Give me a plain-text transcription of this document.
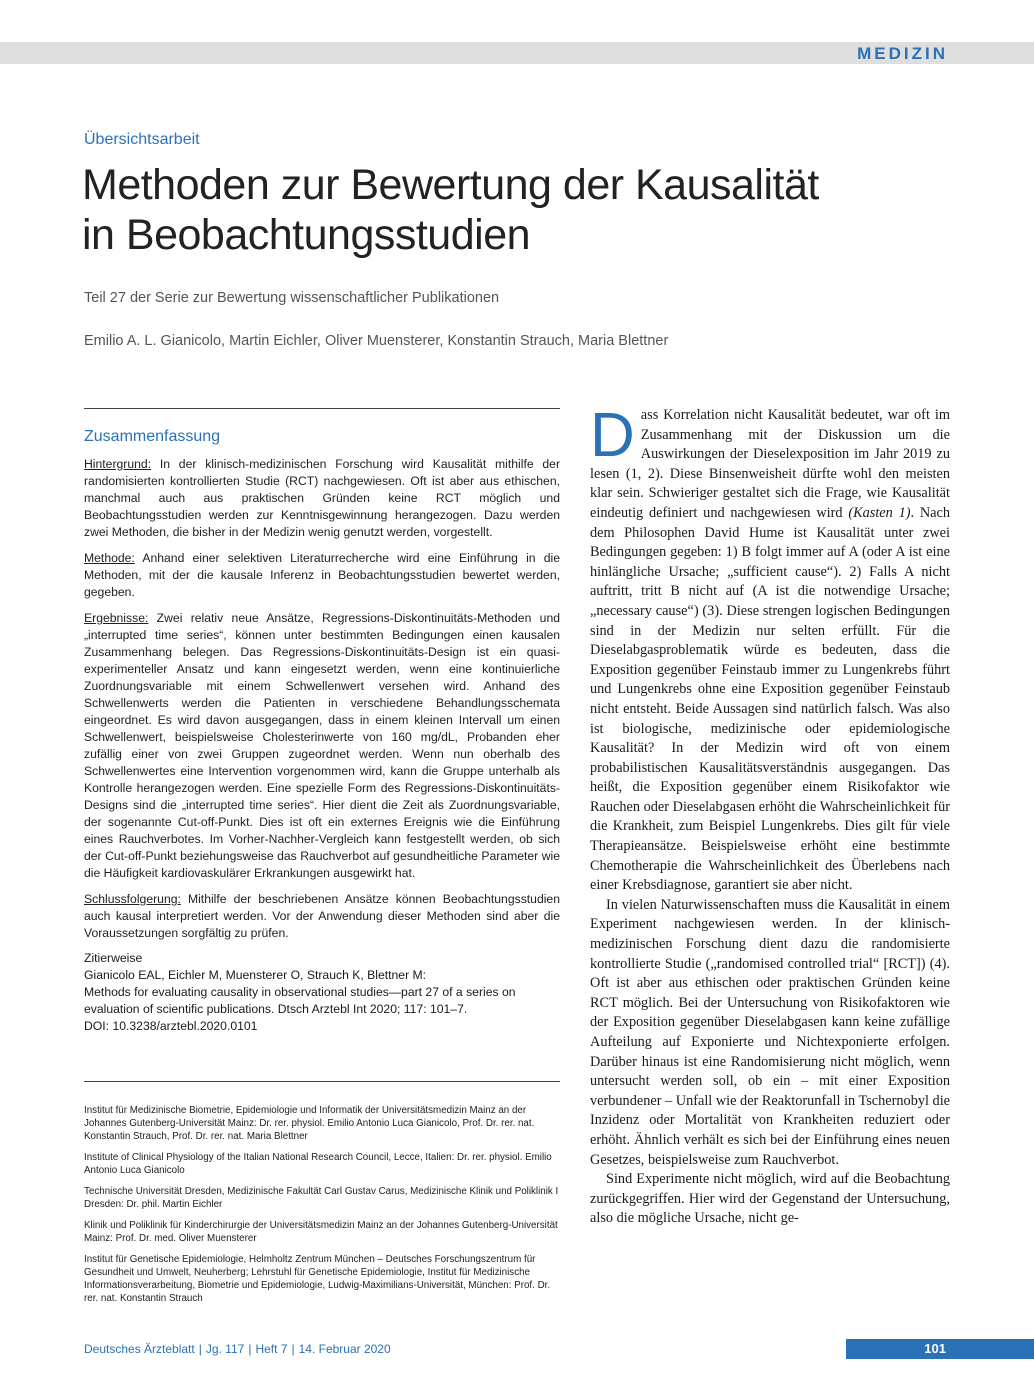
MEDIZIN
Übersichtsarbeit
Methoden zur Bewertung der Kausalität
in Beobachtungsstudien
Teil 27 der Serie zur Bewertung wissenschaftlicher Publikationen
Emilio A. L. Gianicolo, Martin Eichler, Oliver Muensterer, Konstantin Strauch, Maria Blettner
Zusammenfassung

Hintergrund: In der klinisch-medizinischen Forschung wird Kausalität mithilfe der randomisierten kontrollierten Studie (RCT) nachgewiesen. Oft ist aber aus ethischen, manchmal auch aus praktischen Gründen keine RCT möglich und Beobachtungsstudien werden zur Kenntnisgewinnung herangezogen. Dazu werden zwei Methoden, die bisher in der Medizin wenig genutzt werden, vorgestellt.

Methode: Anhand einer selektiven Literaturrecherche wird eine Einführung in die Methoden, mit der die kausale Inferenz in Beobachtungsstudien bewertet werden, gegeben.

Ergebnisse: Zwei relativ neue Ansätze, Regressions-Diskontinuitäts-Methoden und „interrupted time series“, können unter bestimmten Bedingungen einen kausalen Zusammenhang belegen. Das Regressions-Diskontinuitäts-Design ist ein quasi-experimenteller Ansatz und kann eingesetzt werden, wenn eine kontinuierliche Zuordnungsvariable mit einem Schwellenwert versehen wird. Anhand des Schwellenwerts werden die Patienten in verschiedene Behandlungsschemata eingeordnet. Es wird davon ausgegangen, dass in einem kleinen Intervall um einen Schwellenwert, beispielsweise Cholesterinwerte von 160 mg/dL, Probanden eher zufällig einer von zwei Gruppen zugeordnet werden. Wenn nun oberhalb des Schwellenwertes eine Intervention vorgenommen wird, kann die Gruppe unterhalb als Kontrolle herangezogen werden. Eine spezielle Form des Regressions-Diskontinuitäts-Designs sind die „interrupted time series“. Hier dient die Zeit als Zuordnungsvariable, der sogenannte Cut-off-Punkt. Dies ist oft ein externes Ereignis wie die Einführung eines Rauchverbotes. Im Vorher-Nachher-Vergleich kann festgestellt werden, ob sich der Cut-off-Punkt beziehungsweise das Rauchverbot auf gesundheitliche Parameter wie die Häufigkeit kardiovaskulärer Erkrankungen ausgewirkt hat.

Schlussfolgerung: Mithilfe der beschriebenen Ansätze können Beobachtungsstudien auch kausal interpretiert werden. Vor der Anwendung dieser Methoden sind aber die Voraussetzungen sorgfältig zu prüfen.

Zitierweise

Gianicolo EAL, Eichler M, Muensterer O, Strauch K, Blettner M:
Methods for evaluating causality in observational studies—part 27 of a series on evaluation of scientific publications. Dtsch Arztebl Int 2020; 117: 101–7.
DOI: 10.3238/arztebl.2020.0101

Institut für Medizinische Biometrie, Epidemiologie und Informatik der Universitätsmedizin Mainz an der Johannes Gutenberg-Universität Mainz: Dr. rer. physiol. Emilio Antonio Luca Gianicolo, Prof. Dr. rer. nat. Konstantin Strauch, Prof. Dr. rer. nat. Maria Blettner

Institute of Clinical Physiology of the Italian National Research Council, Lecce, Italien: Dr. rer. physiol. Emilio Antonio Luca Gianicolo

Technische Universität Dresden, Medizinische Fakultät Carl Gustav Carus, Medizinische Klinik und Poliklinik I Dresden: Dr. phil. Martin Eichler

Klinik und Poliklinik für Kinderchirurgie der Universitätsmedizin Mainz an der Johannes Gutenberg-Universität Mainz: Prof. Dr. med. Oliver Muensterer

Institut für Genetische Epidemiologie, Helmholtz Zentrum München – Deutsches Forschungszentrum für Gesundheit und Umwelt, Neuherberg; Lehrstuhl für Genetische Epidemiologie, Institut für Medizinische Informationsverarbeitung, Biometrie und Epidemiologie, Ludwig-Maximilians-Universität, München: Prof. Dr. rer. nat. Konstantin Strauch

Dass Korrelation nicht Kausalität bedeutet, war oft im Zusammenhang mit der Diskussion um die Auswirkungen der Dieselexposition im Jahr 2019 zu lesen (1, 2). Diese Binsenweisheit dürfte wohl den meisten klar sein. Schwieriger gestaltet sich die Frage, wie Kausalität eindeutig definiert und nachgewiesen wird (Kasten 1). Nach dem Philosophen David Hume ist Kausalität unter zwei Bedingungen gegeben: 1) B folgt immer auf A (oder A ist eine hinlängliche Ursache; „sufficient cause“). 2) Falls A nicht auftritt, tritt B nicht auf (A ist die notwendige Ursache; „necessary cause“) (3). Diese strengen logischen Bedingungen sind in der Medizin nur selten erfüllt. Für die Dieselabgasproblematik würde es bedeuten, dass die Exposition gegenüber Feinstaub immer zu Lungenkrebs führt und Lungenkrebs ohne eine Exposition gegenüber Feinstaub nicht entsteht. Beide Aussagen sind natürlich falsch. Was also ist biologische, medizinische oder epidemiologische Kausalität? In der Medizin wird oft von einem probabilistischen Kausalitätsverständnis ausgegangen. Das heißt, die Exposition gegenüber einem Risikofaktor wie Rauchen oder Dieselabgasen erhöht die Wahrscheinlichkeit für die Krankheit, zum Beispiel Lungenkrebs. Dies gilt für viele Therapieansätze. Beispielsweise erhöht eine bestimmte Chemotherapie die Wahrscheinlichkeit des Überlebens nach einer Krebsdiagnose, garantiert sie aber nicht.

In vielen Naturwissenschaften muss die Kausalität in einem Experiment nachgewiesen werden. In der klinisch-medizinischen Forschung dient dazu die randomisierte kontrollierte Studie („randomised controlled trial“ [RCT]) (4). Oft ist aber aus ethischen oder praktischen Gründen keine RCT möglich. Bei der Untersuchung von Risikofaktoren wie der Exposition gegenüber Dieselabgasen kann keine zufällige Aufteilung auf Exponierte und Nichtexponierte erfolgen. Darüber hinaus ist eine Randomisierung nicht möglich, wenn untersucht werden soll, ob ein – mit einer Exposition verbundener – Unfall wie der Reaktorunfall in Tschernobyl die Inzidenz oder Mortalität von Krankheiten reduziert oder erhöht. Ähnlich verhält es sich bei der Einführung eines neuen Gesetzes, beispielsweise zum Rauchverbot.

Sind Experimente nicht möglich, wird auf die Beobachtung zurückgegriffen. Hier wird der Gegenstand der Untersuchung, also die mögliche Ursache, nicht ge-

Deutsches Ärzteblatt | Jg. 117 | Heft 7 | 14. Februar 2020	101
